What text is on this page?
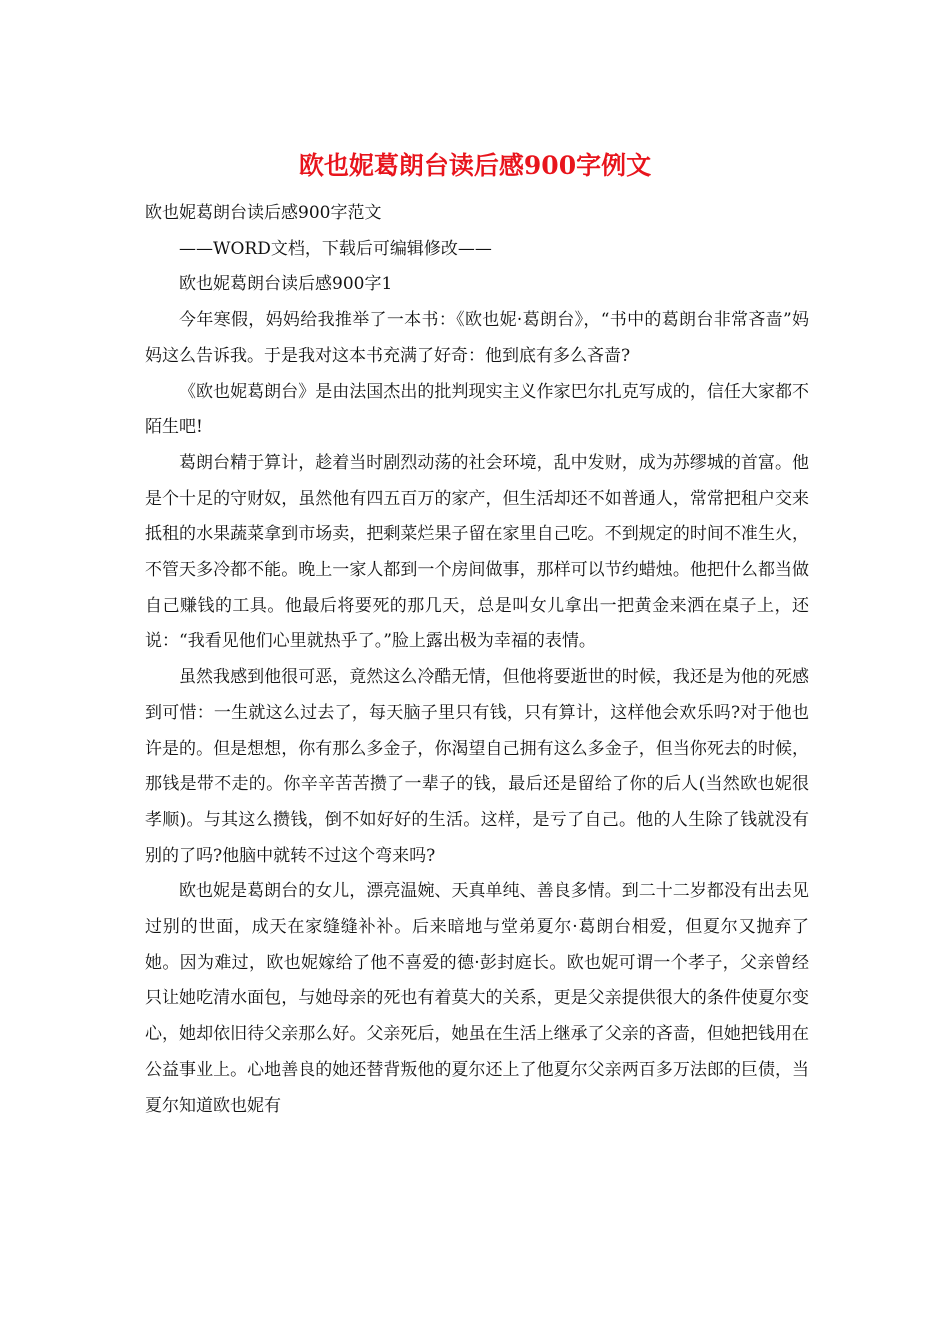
欧也妮葛朗台读后感900字例文

欧也妮葛朗台读后感900字范文

——WORD文档，下载后可编辑修改——

欧也妮葛朗台读后感900字1

今年寒假，妈妈给我推举了一本书：《欧也妮·葛朗台》，“书中的葛朗台非常吝啬”妈妈这么告诉我。于是我对这本书充满了好奇：他到底有多么吝啬?

《欧也妮葛朗台》是由法国杰出的批判现实主义作家巴尔扎克写成的，信任大家都不陌生吧!

葛朗台精于算计，趁着当时剧烈动荡的社会环境，乱中发财，成为苏缪城的首富。他是个十足的守财奴，虽然他有四五百万的家产，但生活却还不如普通人，常常把租户交来抵租的水果蔬菜拿到市场卖，把剩菜烂果子留在家里自己吃。不到规定的时间不准生火，不管天多冷都不能。晚上一家人都到一个房间做事，那样可以节约蜡烛。他把什么都当做自己赚钱的工具。他最后将要死的那几天，总是叫女儿拿出一把黄金来洒在桌子上，还说：“我看见他们心里就热乎了。”脸上露出极为幸福的表情。

虽然我感到他很可恶，竟然这么冷酷无情，但他将要逝世的时候，我还是为他的死感到可惜：一生就这么过去了，每天脑子里只有钱，只有算计，这样他会欢乐吗?对于他也许是的。但是想想，你有那么多金子，你渴望自己拥有这么多金子，但当你死去的时候，那钱是带不走的。你辛辛苦苦攒了一辈子的钱，最后还是留给了你的后人(当然欧也妮很孝顺)。与其这么攒钱，倒不如好好的生活。这样，是亏了自己。他的人生除了钱就没有别的了吗?他脑中就转不过这个弯来吗?

欧也妮是葛朗台的女儿，漂亮温婉、天真单纯、善良多情。到二十二岁都没有出去见过别的世面，成天在家缝缝补补。后来暗地与堂弟夏尔·葛朗台相爱，但夏尔又抛弃了她。因为难过，欧也妮嫁给了他不喜爱的德·彭封庭长。欧也妮可谓一个孝子，父亲曾经只让她吃清水面包，与她母亲的死也有着莫大的关系，更是父亲提供很大的条件使夏尔变心，她却依旧待父亲那么好。父亲死后，她虽在生活上继承了父亲的吝啬，但她把钱用在公益事业上。心地善良的她还替背叛他的夏尔还上了他夏尔父亲两百多万法郎的巨债，当夏尔知道欧也妮有
